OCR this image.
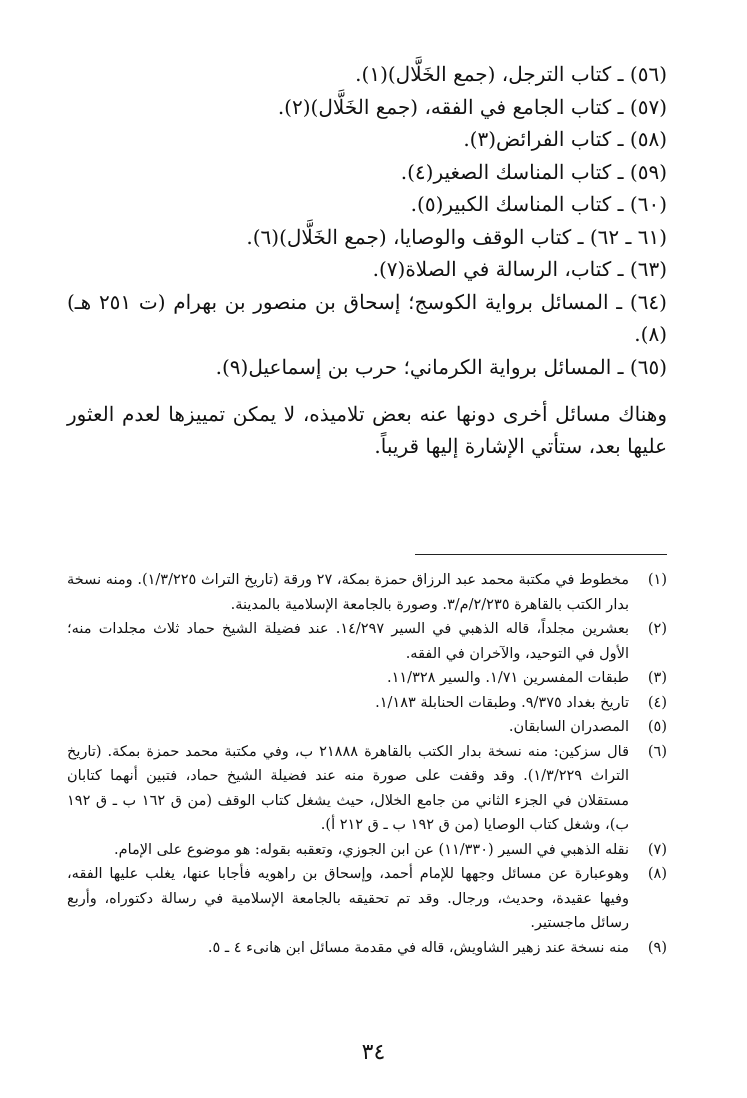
(٥٦) ـ كتاب الترجل، (جمع الخَلَّال)(١).
(٥٧) ـ كتاب الجامع في الفقه، (جمع الخَلَّال)(٢).
(٥٨) ـ كتاب الفرائض(٣).
(٥٩) ـ كتاب المناسك الصغير(٤).
(٦٠) ـ كتاب المناسك الكبير(٥).
(٦١ ـ ٦٢) ـ كتاب الوقف والوصايا، (جمع الخَلَّال)(٦).
(٦٣) ـ كتاب، الرسالة في الصلاة(٧).
(٦٤) ـ المسائل برواية الكوسج؛ إسحاق بن منصور بن بهرام (ت ٢٥١ هـ)(٨).
(٦٥) ـ المسائل برواية الكرماني؛ حرب بن إسماعيل(٩).

وهناك مسائل أخرى دونها عنه بعض تلاميذه، لا يمكن تمييزها لعدم العثور عليها بعد، ستأتي الإشارة إليها قريباً.

(١)
مخطوط في مكتبة محمد عبد الرزاق حمزة بمكة، ٢٧ ورقة (تاريخ التراث ١/٣/٢٢٥). ومنه نسخة بدار الكتب بالقاهرة ٢/٢٣٥/م/٣. وصورة بالجامعة الإسلامية بالمدينة.
(٢)
بعشرين مجلداً، قاله الذهبي في السير ١٤/٢٩٧. عند فضيلة الشيخ حماد ثلاث مجلدات منه؛ الأول في التوحيد، والآخران في الفقه.
(٣)
طبقات المفسرين ١/٧١. والسير ١١/٣٢٨.
(٤)
تاريخ بغداد ٩/٣٧٥. وطبقات الحنابلة ١/١٨٣.
(٥)
المصدران السابقان.
(٦)
قال سزكين: منه نسخة بدار الكتب بالقاهرة ٢١٨٨٨ ب، وفي مكتبة محمد حمزة بمكة. (تاريخ التراث ١/٣/٢٢٩). وقد وقفت على صورة منه عند فضيلة الشيخ حماد، فتبين أنهما كتابان مستقلان في الجزء الثاني من جامع الخلال، حيث يشغل كتاب الوقف (من ق ١٦٢ ب ـ ق ١٩٢ ب)، وشغل كتاب الوصايا (من ق ١٩٢ ب ـ ق ٢١٢ أ).
(٧)
نقله الذهبي في السير (١١/٣٣٠) عن ابن الجوزي، وتعقبه بقوله: هو موضوع على الإمام.
(٨)
وهوعبارة عن مسائل وجهها للإمام أحمد، وإسحاق بن راهويه فأجابا عنها، يغلب عليها الفقه، وفيها عقيدة، وحديث، ورجال. وقد تم تحقيقه بالجامعة الإسلامية في رسالة دكتوراه، وأربع رسائل ماجستير.
(٩)
منه نسخة عند زهير الشاويش، قاله في مقدمة مسائل ابن هانىء ٤ ـ ٥.
٣٤
